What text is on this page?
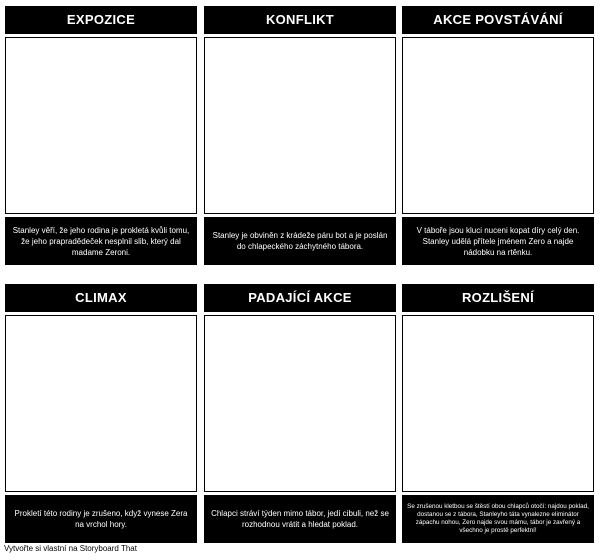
EXPOZICE
Stanley věří, že jeho rodina je prokletá kvůli tomu, že jeho prapradědeček nesplnil slib, který dal madame Zeroni.
KONFLIKT
Stanley je obviněn z krádeže páru bot a je poslán do chlapeckého záchytného tábora.
AKCE POVSTÁVÁNÍ
V táboře jsou kluci nuceni kopat díry celý den. Stanley udělá přítele jménem Zero a najde nádobku na rtěnku.
CLIMAX
Prokletí této rodiny je zrušeno, když vynese Zera na vrchol hory.
PADAJÍCÍ AKCE
Chlapci stráví týden mimo tábor, jedí cibuli, než se rozhodnou vrátit a hledat poklad.
ROZLIŠENÍ
Se zrušenou kletbou se štěstí obou chlapců otočí: najdou poklad, dostanou se z tábora, Stanleyho táta vynalezne eliminátor zápachu nohou, Zero najde svou mámu, tábor je zavřený a všechno je prostě perfektní!
Vytvořte si vlastní na Storyboard That
